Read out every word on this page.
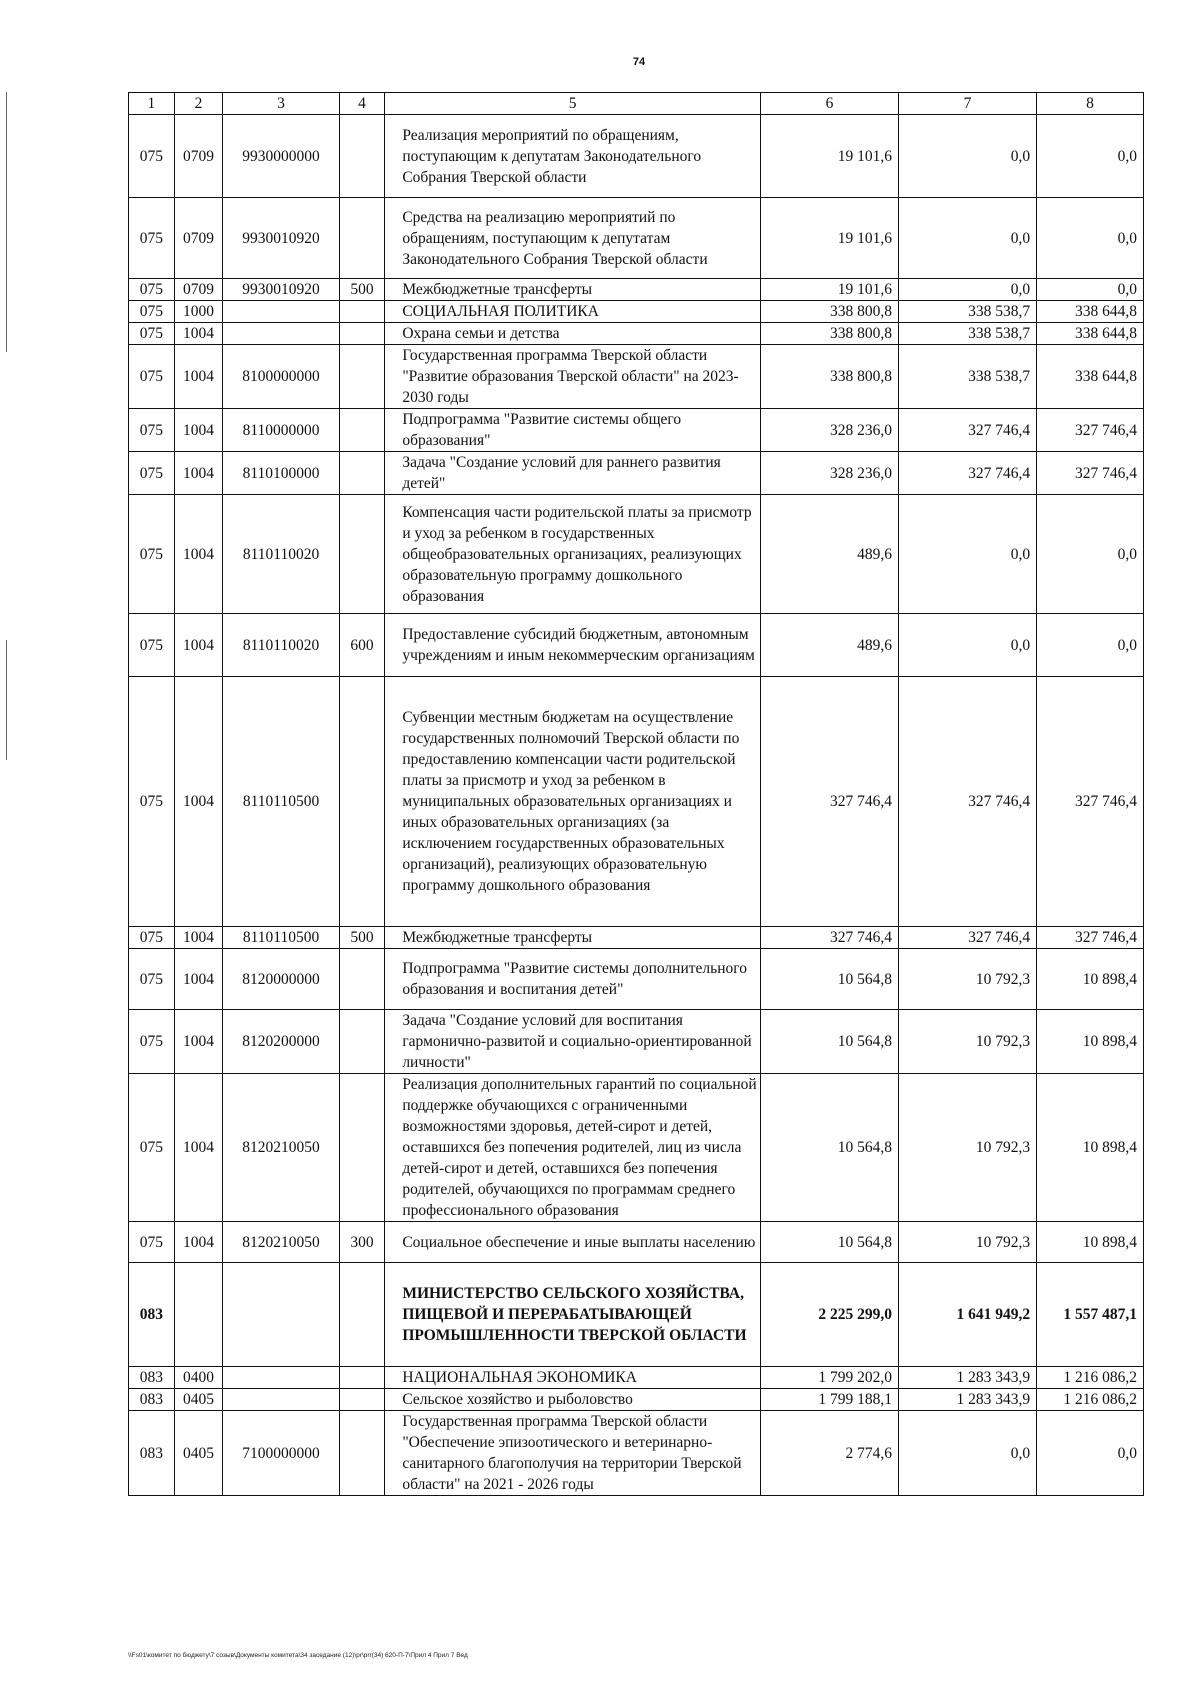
74
1	2	3	4	5	6	7	8
075	0709	9930000000		Реализация мероприятий по обращениям, поступающим к депутатам Законодательного Собрания Тверской области	19 101,6	0,0	0,0
075	0709	9930010920		Средства на реализацию мероприятий по обращениям, поступающим к депутатам Законодательного Собрания Тверской области	19 101,6	0,0	0,0
075	0709	9930010920	500	Межбюджетные трансферты	19 101,6	0,0	0,0
075	1000			СОЦИАЛЬНАЯ ПОЛИТИКА	338 800,8	338 538,7	338 644,8
075	1004			Охрана семьи и детства	338 800,8	338 538,7	338 644,8
075	1004	8100000000		Государственная программа Тверской области "Развитие образования Тверской области" на 2023-2030 годы	338 800,8	338 538,7	338 644,8
075	1004	8110000000		Подпрограмма "Развитие системы общего образования"	328 236,0	327 746,4	327 746,4
075	1004	8110100000		Задача "Создание условий для раннего развития детей"	328 236,0	327 746,4	327 746,4
075	1004	8110110020		Компенсация части родительской платы за присмотр и уход за ребенком в государственных общеобразовательных организациях, реализующих образовательную программу дошкольного образования	489,6	0,0	0,0
075	1004	8110110020	600	Предоставление субсидий бюджетным, автономным учреждениям и иным некоммерческим организациям	489,6	0,0	0,0
075	1004	8110110500		Субвенции местным бюджетам на осуществление государственных полномочий Тверской области по предоставлению компенсации части родительской платы за присмотр и уход за ребенком в муниципальных образовательных организациях и иных образовательных организациях (за исключением государственных образовательных организаций), реализующих образовательную программу дошкольного образования	327 746,4	327 746,4	327 746,4
075	1004	8110110500	500	Межбюджетные трансферты	327 746,4	327 746,4	327 746,4
075	1004	8120000000		Подпрограмма "Развитие системы дополнительного образования и воспитания детей"	10 564,8	10 792,3	10 898,4
075	1004	8120200000		Задача "Создание условий для воспитания гармонично-развитой и социально-ориентированной личности"	10 564,8	10 792,3	10 898,4
075	1004	8120210050		Реализация дополнительных гарантий по социальной поддержке обучающихся с ограниченными возможностями здоровья, детей-сирот и детей, оставшихся без попечения родителей, лиц из числа детей-сирот и детей, оставшихся без попечения родителей, обучающихся по программам среднего профессионального образования	10 564,8	10 792,3	10 898,4
075	1004	8120210050	300	Социальное обеспечение и иные выплаты населению	10 564,8	10 792,3	10 898,4
083				МИНИСТЕРСТВО СЕЛЬСКОГО ХОЗЯЙСТВА, ПИЩЕВОЙ И ПЕРЕРАБАТЫВАЮЩЕЙ ПРОМЫШЛЕННОСТИ ТВЕРСКОЙ ОБЛАСТИ	2 225 299,0	1 641 949,2	1 557 487,1
083	0400			НАЦИОНАЛЬНАЯ ЭКОНОМИКА	1 799 202,0	1 283 343,9	1 216 086,2
083	0405			Сельское хозяйство и рыболовство	1 799 188,1	1 283 343,9	1 216 086,2
083	0405	7100000000		Государственная программа Тверской области "Обеспечение эпизоотического и ветеринарно-санитарного благополучия на территории Тверской области" на 2021 - 2026 годы	2 774,6	0,0	0,0
\\Fs01\комитет по бюджету\7 созыв\Документы комитета\34 заседание (12)\pr\prr(34) 620-П-7\Прил 4 Прил 7 Вед
